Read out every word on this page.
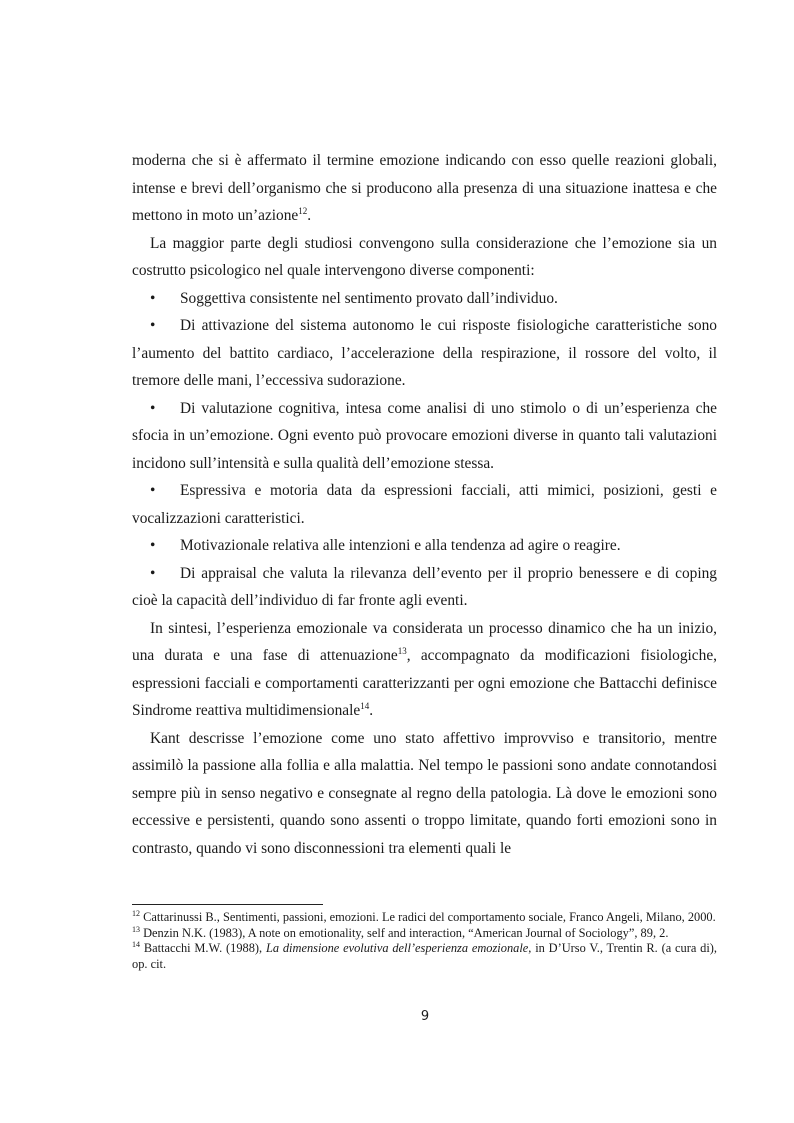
moderna che si è affermato il termine emozione indicando con esso quelle reazioni globali, intense e brevi dell’organismo che si producono alla presenza di una situazione inattesa e che mettono in moto un’azione$^{12}$.

La maggior parte degli studiosi convengono sulla considerazione che l’emozione sia un costrutto psicologico nel quale intervengono diverse componenti:

• Soggettiva consistente nel sentimento provato dall’individuo.

• Di attivazione del sistema autonomo le cui risposte fisiologiche caratteristiche sono l’aumento del battito cardiaco, l’accelerazione della respirazione, il rossore del volto, il tremore delle mani, l’eccessiva sudorazione.

• Di valutazione cognitiva, intesa come analisi di uno stimolo o di un’esperienza che sfocia in un’emozione. Ogni evento può provocare emozioni diverse in quanto tali valutazioni incidono sull’intensità e sulla qualità dell’emozione stessa.

• Espressiva e motoria data da espressioni facciali, atti mimici, posizioni, gesti e vocalizzazioni caratteristici.

• Motivazionale relativa alle intenzioni e alla tendenza ad agire o reagire.

• Di appraisal che valuta la rilevanza dell’evento per il proprio benessere e di coping cioè la capacità dell’individuo di far fronte agli eventi.

In sintesi, l’esperienza emozionale va considerata un processo dinamico che ha un inizio, una durata e una fase di attenuazione$^{13}$, accompagnato da modificazioni fisiologiche, espressioni facciali e comportamenti caratterizzanti per ogni emozione che Battacchi definisce Sindrome reattiva multidimensionale$^{14}$.

Kant descrisse l’emozione come uno stato affettivo improvviso e transitorio, mentre assimilò la passione alla follia e alla malattia. Nel tempo le passioni sono andate connotandosi sempre più in senso negativo e consegnate al regno della patologia. Là dove le emozioni sono eccessive e persistenti, quando sono assenti o troppo limitate, quando forti emozioni sono in contrasto, quando vi sono disconnessioni tra elementi quali le

$^{12}$ Cattarinussi B., Sentimenti, passioni, emozioni. Le radici del comportamento sociale, Franco Angeli, Milano, 2000.

$^{13}$ Denzin N.K. (1983), A note on emotionality, self and interaction, “American Journal of Sociology”, 89, 2.

$^{14}$ Battacchi M.W. (1988), La dimensione evolutiva dell’esperienza emozionale, in D’Urso V., Trentin R. (a cura di), op. cit.

9
